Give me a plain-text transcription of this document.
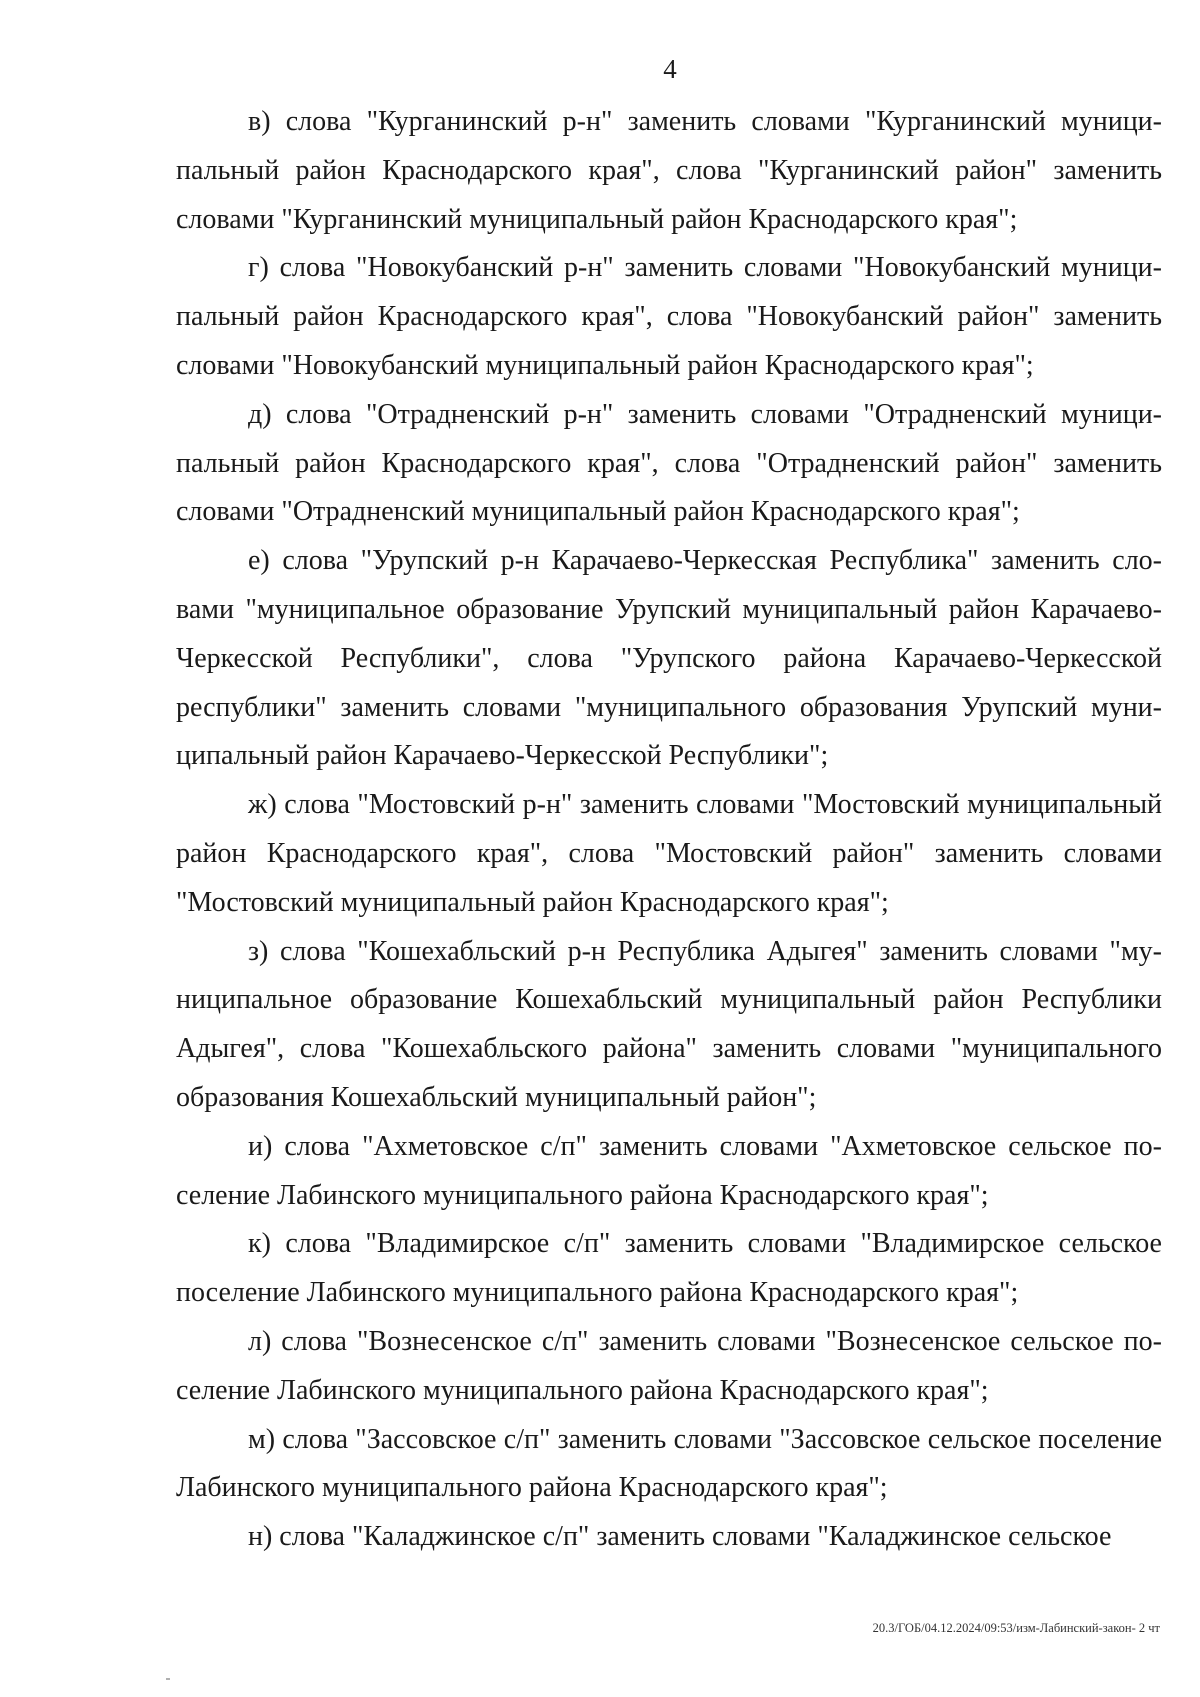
4

в) слова "Курганинский р-н" заменить словами "Курганинский муниципальный район Краснодарского края", слова "Курганинский район" заменить словами "Курганинский муниципальный район Краснодарского края";

г) слова "Новокубанский р-н" заменить словами "Новокубанский муниципальный район Краснодарского края", слова "Новокубанский район" заменить словами "Новокубанский муниципальный район Краснодарского края";

д) слова "Отрадненский р-н" заменить словами "Отрадненский муниципальный район Краснодарского края", слова "Отрадненский район" заменить словами "Отрадненский муниципальный район Краснодарского края";

е) слова "Урупский р-н Карачаево-Черкесская Республика" заменить словами "муниципальное образование Урупский муниципальный район Карачаево-Черкесской Республики", слова "Урупского района Карачаево-Черкесской республики" заменить словами "муниципального образования Урупский муниципальный район Карачаево-Черкесской Республики";

ж) слова "Мостовский р-н" заменить словами "Мостовский муниципальный район Краснодарского края", слова "Мостовский район" заменить словами "Мостовский муниципальный район Краснодарского края";

з) слова "Кошехабльский р-н Республика Адыгея" заменить словами "муниципальное образование Кошехабльский муниципальный район Республики Адыгея", слова "Кошехабльского района" заменить словами "муниципального образования Кошехабльский муниципальный район";

и) слова "Ахметовское с/п" заменить словами "Ахметовское сельское поселение Лабинского муниципального района Краснодарского края";

к) слова "Владимирское с/п" заменить словами "Владимирское сельское поселение Лабинского муниципального района Краснодарского края";

л) слова "Вознесенское с/п" заменить словами "Вознесенское сельское поселение Лабинского муниципального района Краснодарского края";

м) слова "Зассовское с/п" заменить словами "Зассовское сельское поселение Лабинского муниципального района Краснодарского края";

н) слова "Каладжинское с/п" заменить словами "Каладжинское сельское

20.3/ГОБ/04.12.2024/09:53/изм-Лабинский-закон- 2 чт
